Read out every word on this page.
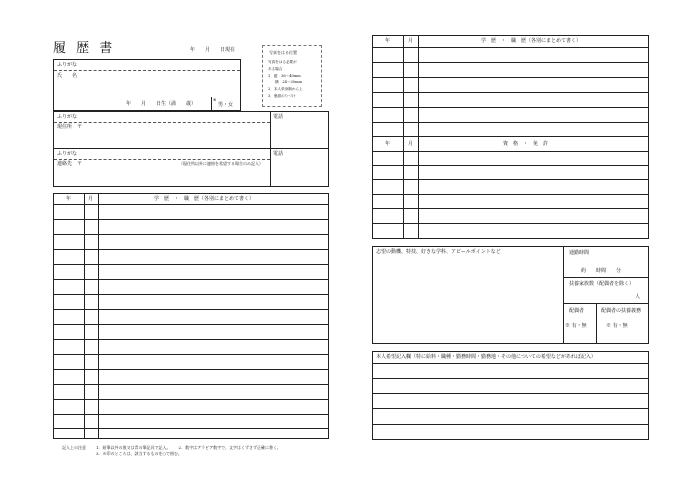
履 歴 書	年　　月　　日現在	写真をはる位置
写真をはる必要が
ある場合
1．縦　36〜40mm
　　横　24〜30mm
2．本人単身胸から上
3．裏面のりづけ
ふりがな
氏　　名
年　　月　　日生（満　　歳）
※
男・女
ふりがな
現住所　〒
電話
ふりがな
連絡先　〒	（現住所以外に連絡を希望する場合のみ記入）
電話
年	月	学　歴　・　職　歴（各別にまとめて書く）
記入上の注意	1．鉛筆以外の黒又は青の筆記具で記入。　　2．数字はアラビア数字で、文字はくずさず正確に書く。
3．※印のところは、該当するものを○で囲む。
年	月	学　歴　・　職　歴（各別にまとめて書く）
年	月	資　格　・　免　許
志望の動機、特技、好きな学科、アピールポイントなど	通勤時間
約　　時間　　分
扶養家族数（配偶者を除く）
人
配偶者
※ 有・無
配偶者の扶養義務
※ 有・無
本人希望記入欄（特に給料・職種・勤務時間・勤務地・その他についての希望などがあれば記入）
